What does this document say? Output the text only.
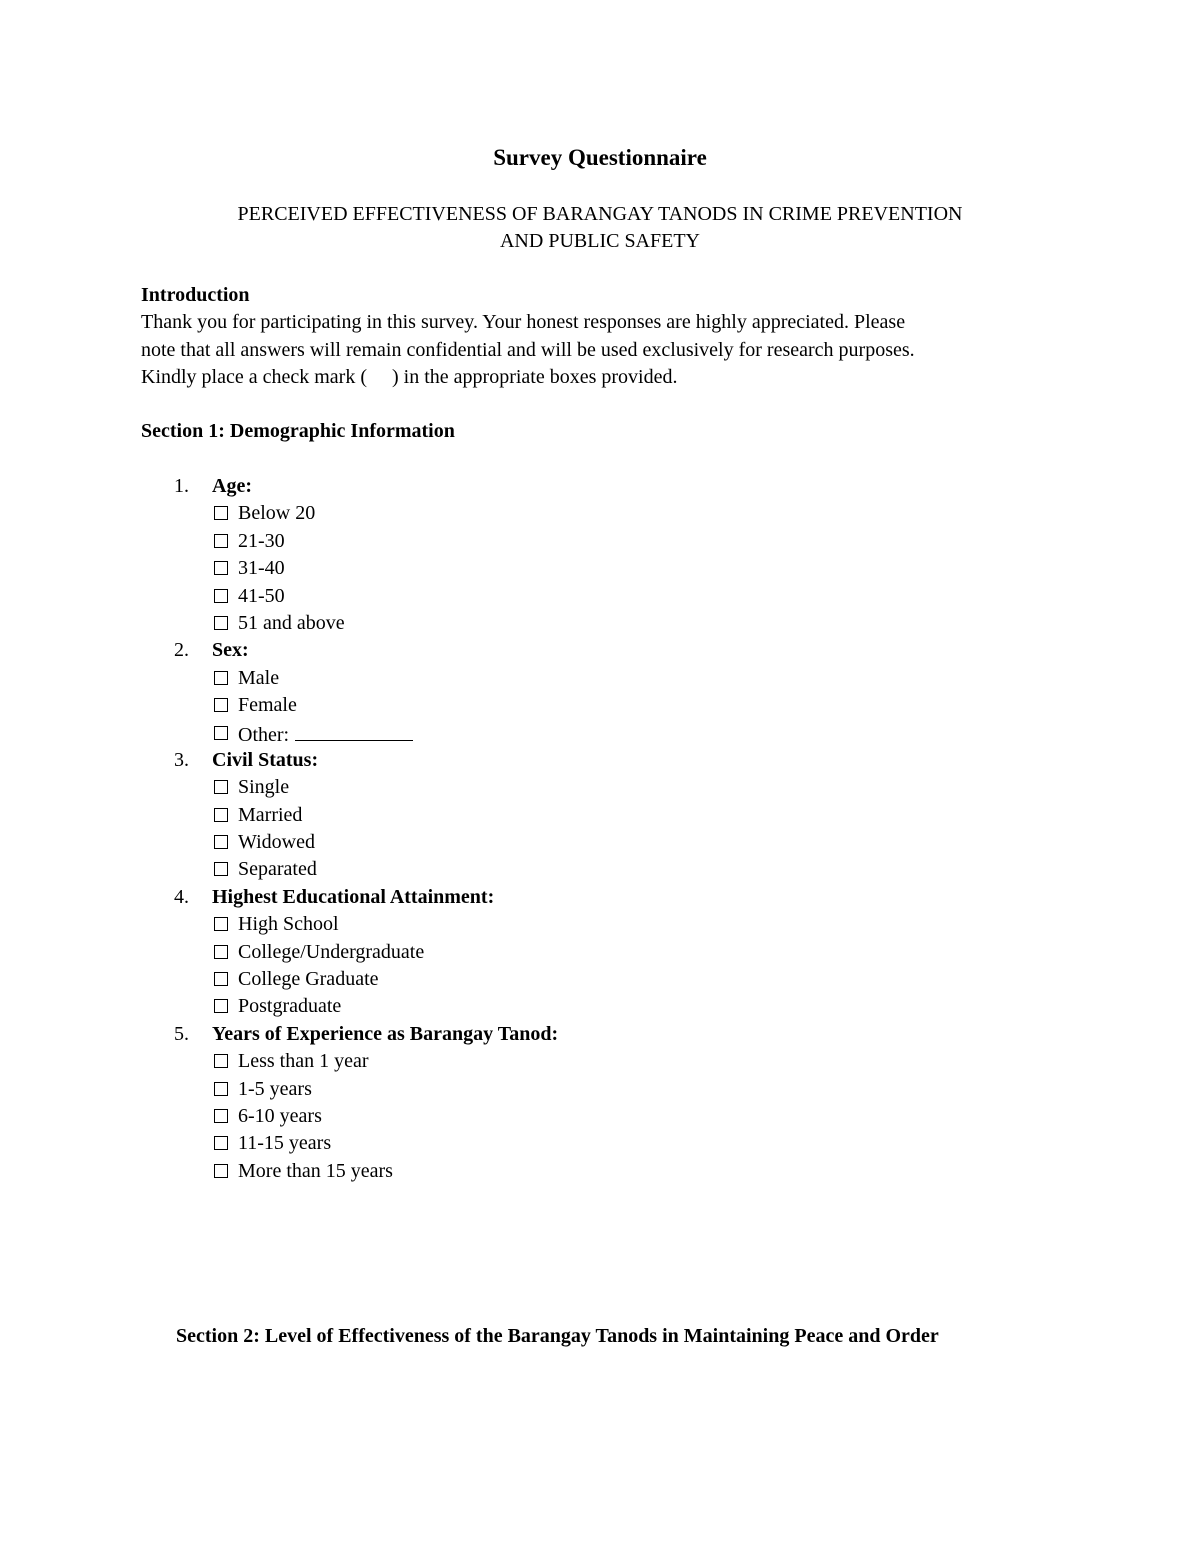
Survey Questionnaire
PERCEIVED EFFECTIVENESS OF BARANGAY TANODS IN CRIME PREVENTION
AND PUBLIC SAFETY
Introduction
Thank you for participating in this survey. Your honest responses are highly appreciated. Please
note that all answers will remain confidential and will be used exclusively for research purposes.
Kindly place a check mark (     ) in the appropriate boxes provided.
Section 1: Demographic Information
1. Age:
Below 20
21-30
31-40
41-50
51 and above
2. Sex:
Male
Female
Other:
3. Civil Status:
Single
Married
Widowed
Separated
4. Highest Educational Attainment:
High School
College/Undergraduate
College Graduate
Postgraduate
5. Years of Experience as Barangay Tanod:
Less than 1 year
1-5 years
6-10 years
11-15 years
More than 15 years
Section 2: Level of Effectiveness of the Barangay Tanods in Maintaining Peace and Order
